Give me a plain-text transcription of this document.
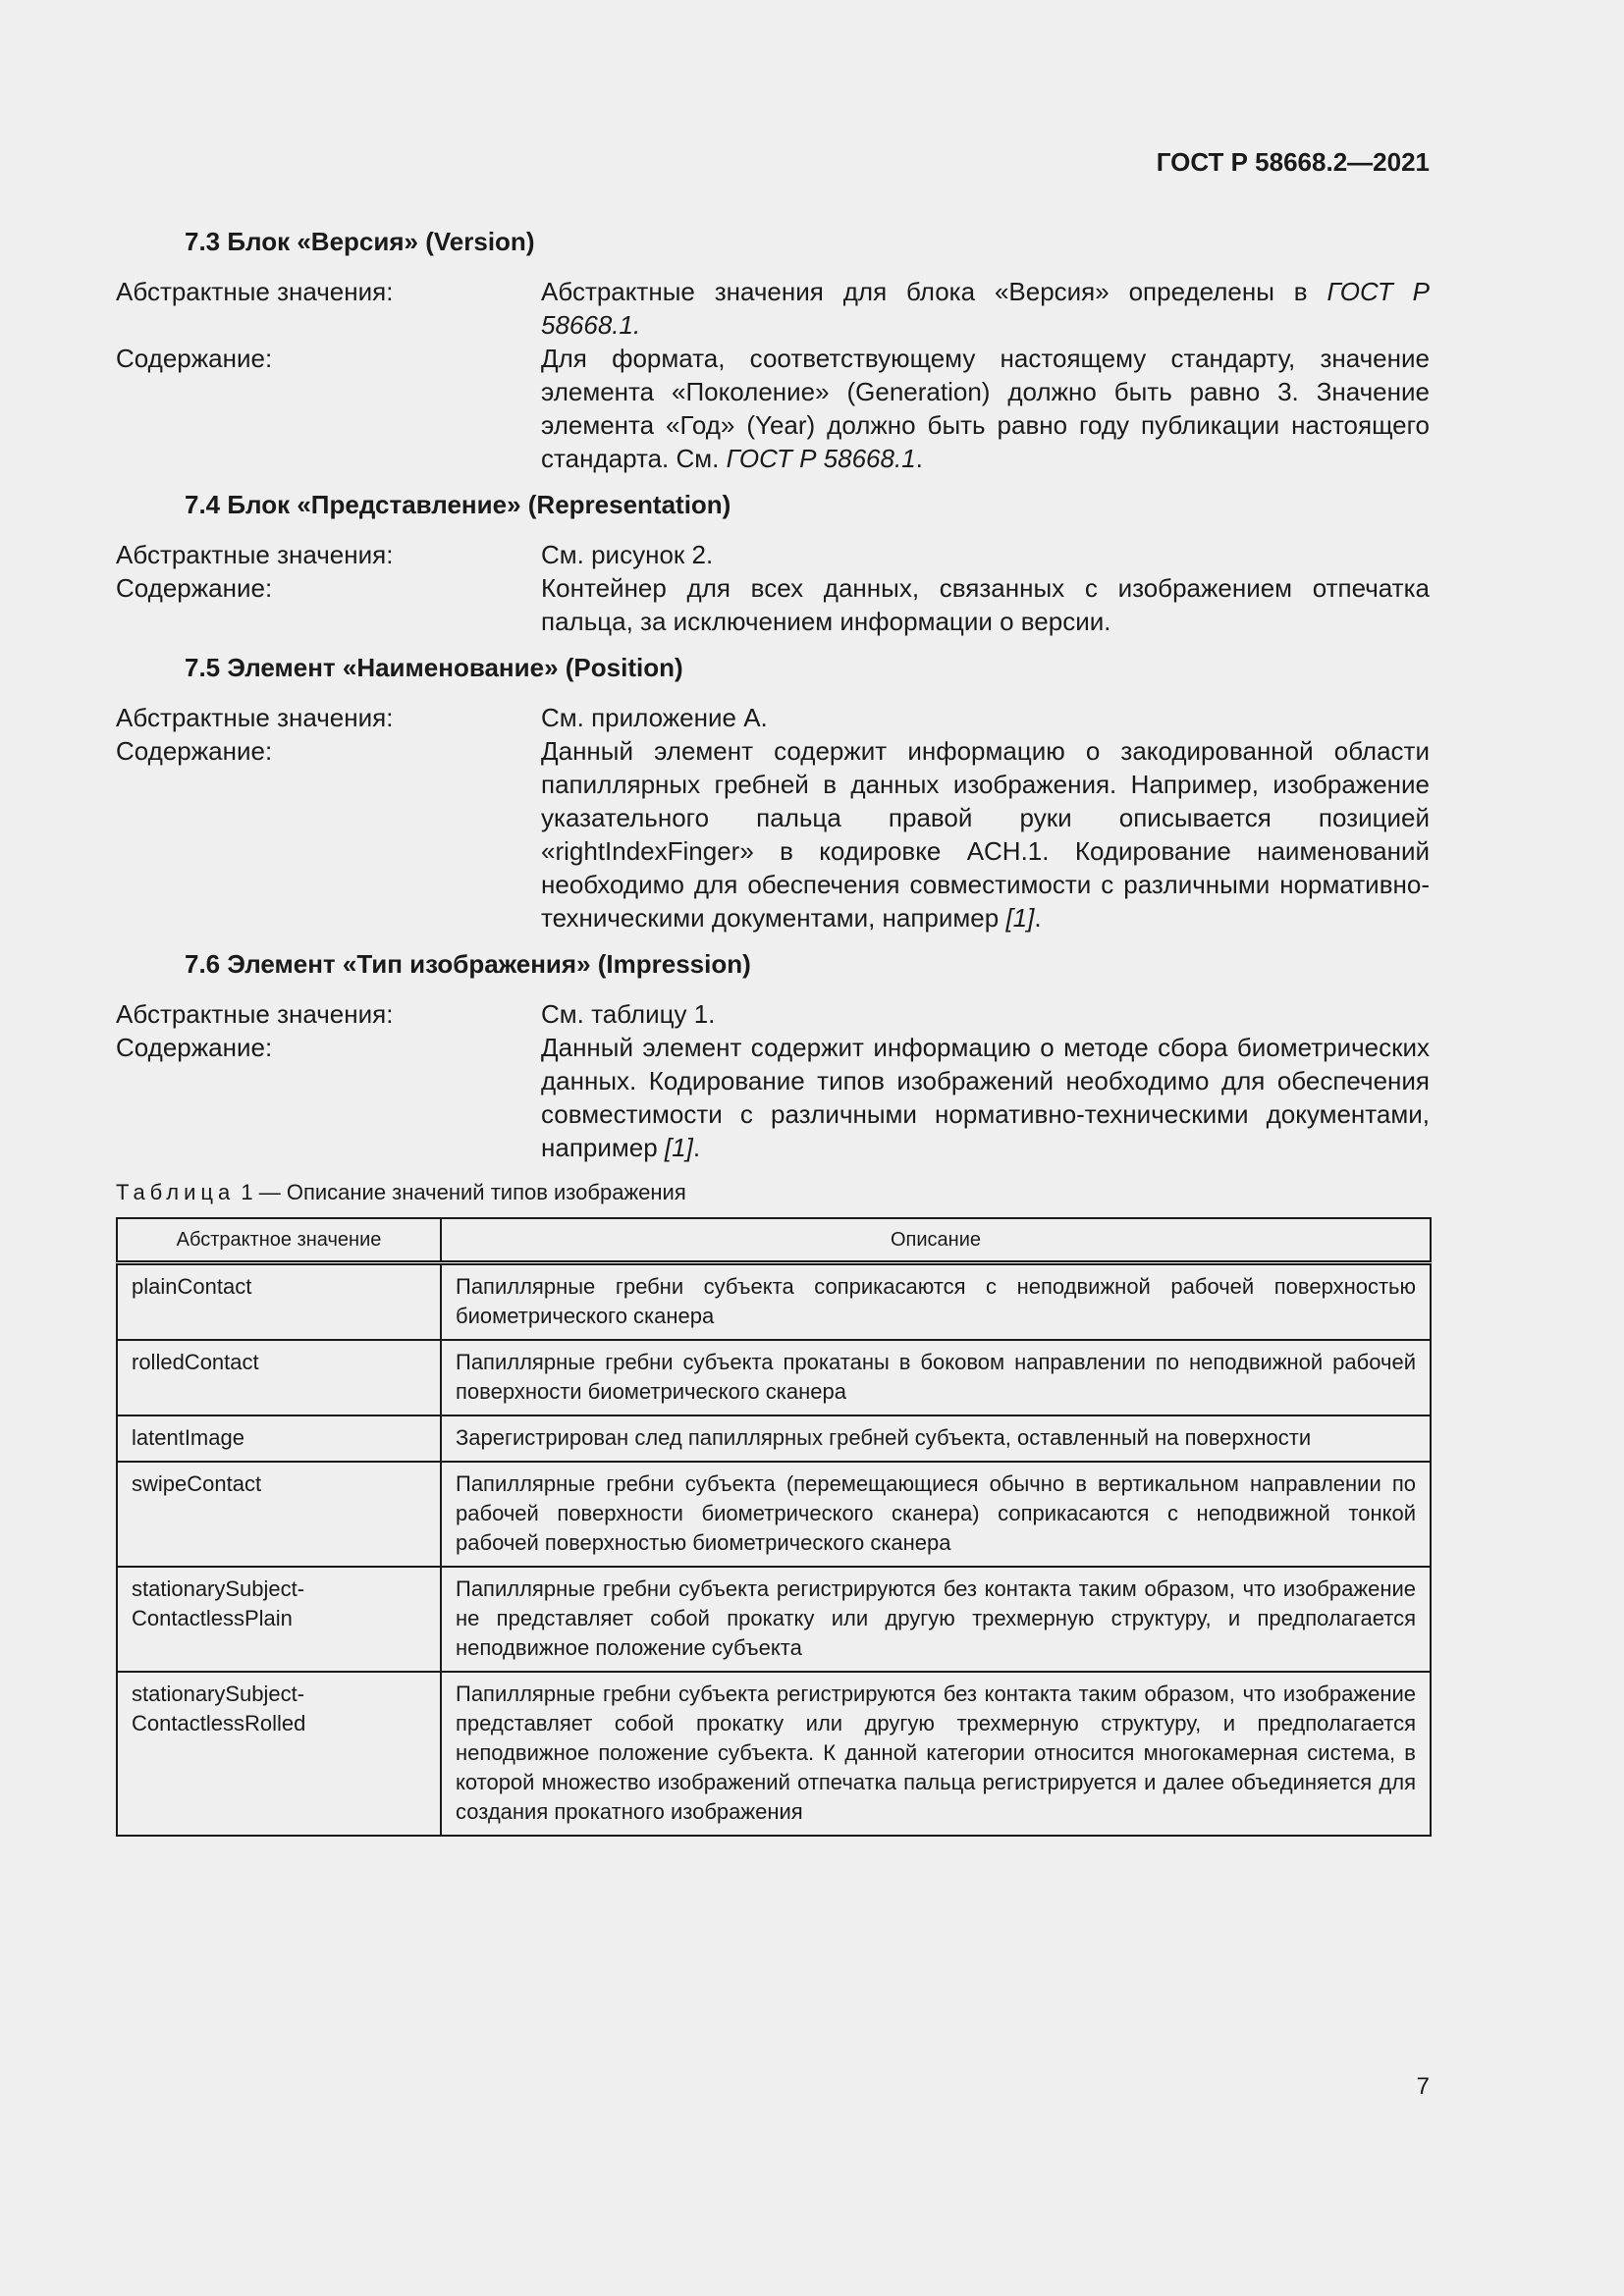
ГОСТ Р 58668.2—2021
7.3 Блок «Версия» (Version)
Абстрактные значения:	Абстрактные значения для блока «Версия» определены в ГОСТ Р 58668.1.
Содержание:	Для формата, соответствующему настоящему стандарту, значение элемента «Поколение» (Generation) должно быть равно 3. Значение элемента «Год» (Year) должно быть равно году публикации настоящего стандарта. См. ГОСТ Р 58668.1.
7.4 Блок «Представление» (Representation)
Абстрактные значения:	См. рисунок 2.
Содержание:	Контейнер для всех данных, связанных с изображением отпечатка пальца, за исключением информации о версии.
7.5 Элемент «Наименование» (Position)
Абстрактные значения:	См. приложение А.
Содержание:	Данный элемент содержит информацию о закодированной области папиллярных гребней в данных изображения. Например, изображение указательного пальца правой руки описывается позицией «rightIndexFinger» в кодировке ACH.1. Кодирование наименований необходимо для обеспечения совместимости с различными нормативно-техническими документами, например [1].
7.6 Элемент «Тип изображения» (Impression)
Абстрактные значения:	См. таблицу 1.
Содержание:	Данный элемент содержит информацию о методе сбора биометрических данных. Кодирование типов изображений необходимо для обеспечения совместимости с различными нормативно-техническими документами, например [1].
Таблица 1 — Описание значений типов изображения
Абстрактное значение	Описание
plainContact	Папиллярные гребни субъекта соприкасаются с неподвижной рабочей поверхностью биометрического сканера
rolledContact	Папиллярные гребни субъекта прокатаны в боковом направлении по неподвижной рабочей поверхности биометрического сканера
latentImage	Зарегистрирован след папиллярных гребней субъекта, оставленный на поверхности
swipeContact	Папиллярные гребни субъекта (перемещающиеся обычно в вертикальном направлении по рабочей поверхности биометрического сканера) соприкасаются с неподвижной тонкой рабочей поверхностью биометрического сканера
stationarySubject-ContactlessPlain	Папиллярные гребни субъекта регистрируются без контакта таким образом, что изображение не представляет собой прокатку или другую трехмерную структуру, и предполагается неподвижное положение субъекта
stationarySubject-ContactlessRolled	Папиллярные гребни субъекта регистрируются без контакта таким образом, что изображение представляет собой прокатку или другую трехмерную структуру, и предполагается неподвижное положение субъекта. К данной категории относится многокамерная система, в которой множество изображений отпечатка пальца регистрируется и далее объединяется для создания прокатного изображения
7
